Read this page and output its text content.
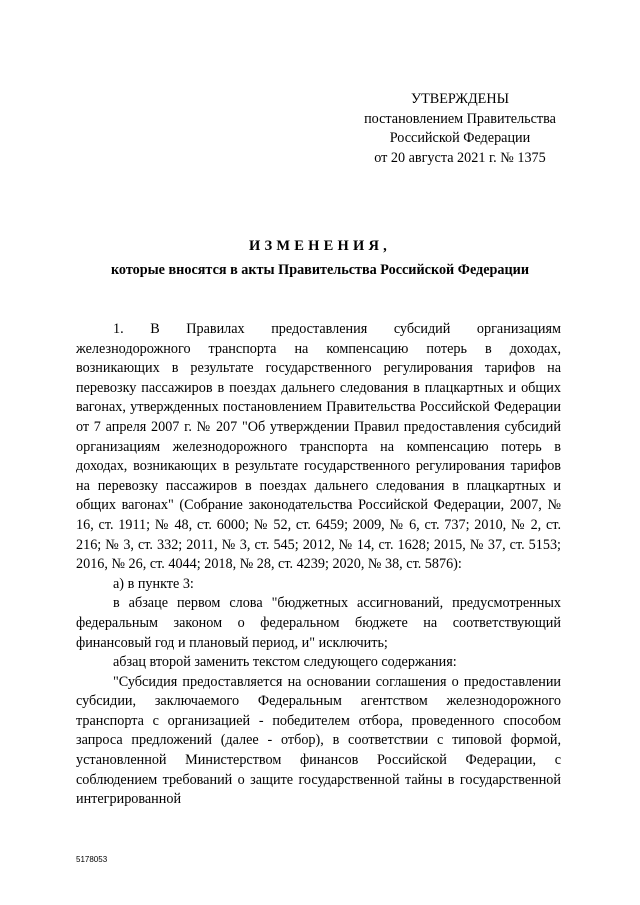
УТВЕРЖДЕНЫ
постановлением Правительства
Российской Федерации
от 20 августа 2021 г. № 1375
ИЗМЕНЕНИЯ,
которые вносятся в акты Правительства Российской Федерации

1. В Правилах предоставления субсидий организациям железнодорожного транспорта на компенсацию потерь в доходах, возникающих в результате государственного регулирования тарифов на перевозку пассажиров в поездах дальнего следования в плацкартных и общих вагонах, утвержденных постановлением Правительства Российской Федерации от 7 апреля 2007 г. № 207 "Об утверждении Правил предоставления субсидий организациям железнодорожного транспорта на компенсацию потерь в доходах, возникающих в результате государственного регулирования тарифов на перевозку пассажиров в поездах дальнего следования в плацкартных и общих вагонах" (Собрание законодательства Российской Федерации, 2007, № 16, ст. 1911; № 48, ст. 6000; № 52, ст. 6459; 2009, № 6, ст. 737; 2010, № 2, ст. 216; № 3, ст. 332; 2011, № 3, ст. 545; 2012, № 14, ст. 1628; 2015, № 37, ст. 5153; 2016, № 26, ст. 4044; 2018, № 28, ст. 4239; 2020, № 38, ст. 5876):

а) в пункте 3:

в абзаце первом слова "бюджетных ассигнований, предусмотренных федеральным законом о федеральном бюджете на соответствующий финансовый год и плановый период, и" исключить;

абзац второй заменить текстом следующего содержания:

"Субсидия предоставляется на основании соглашения о предоставлении субсидии, заключаемого Федеральным агентством железнодорожного транспорта с организацией - победителем отбора, проведенного способом запроса предложений (далее - отбор), в соответствии с типовой формой, установленной Министерством финансов Российской Федерации, с соблюдением требований о защите государственной тайны в государственной интегрированной

5178053
